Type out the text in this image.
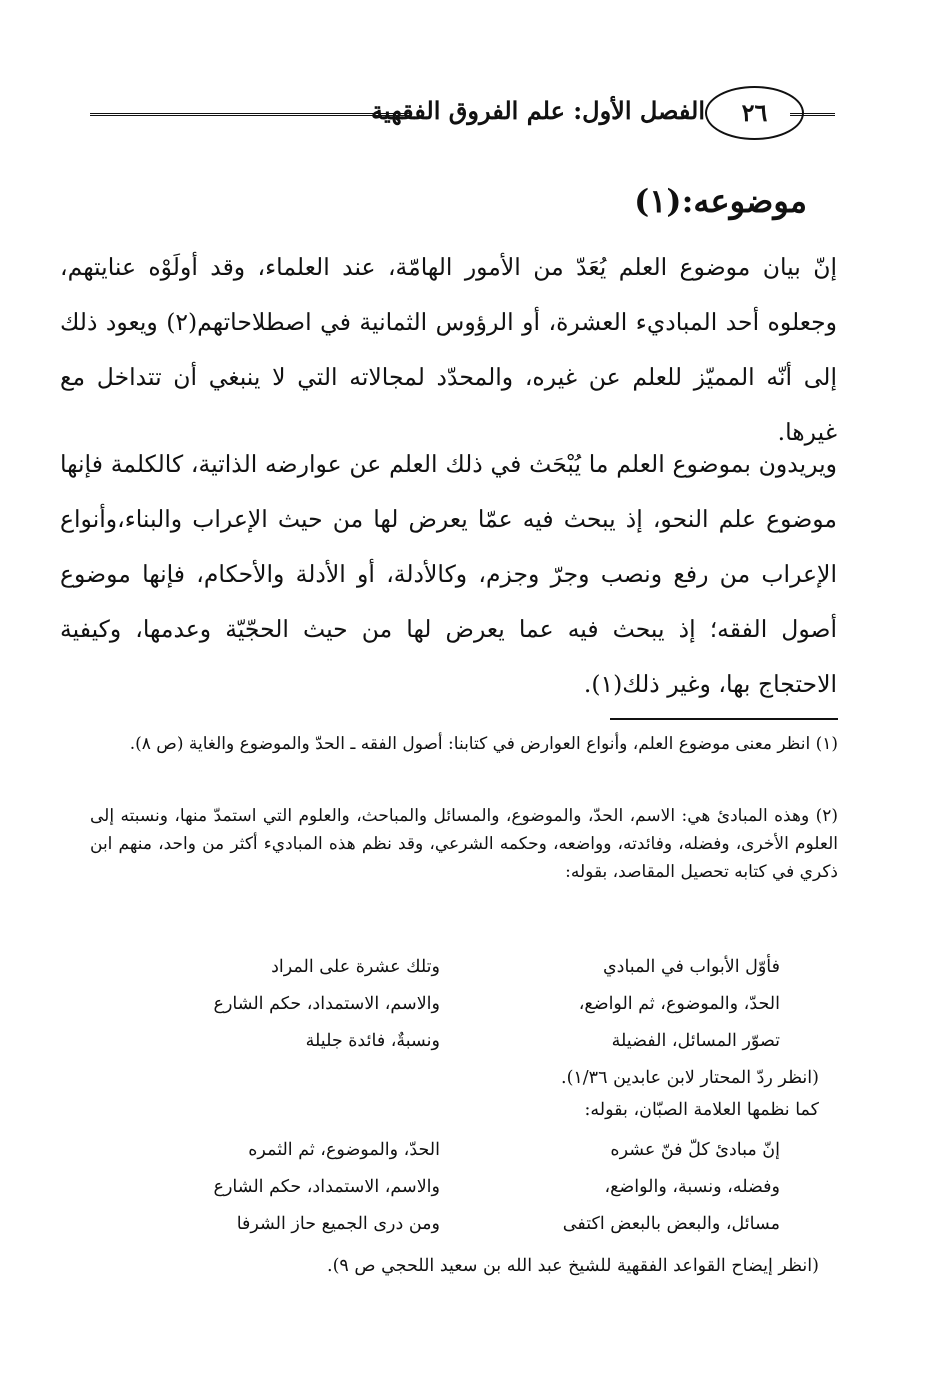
الفصل الأول: علم الفروق الفقهية	٢٦
موضوعه:(١)
إنّ بيان موضوع العلم يُعَدّ من الأمور الهامّة، عند العلماء، وقد أولَوْه عنايتهم، وجعلوه أحد المباديء العشرة، أو الرؤوس الثمانية في اصطلاحاتهم(٢) ويعود ذلك إلى أنّه المميّز للعلم عن غيره، والمحدّد لمجالاته التي لا ينبغي أن تتداخل مع غيرها.
ويريدون بموضوع العلم ما يُبْحَث في ذلك العلم عن عوارضه الذاتية، كالكلمة فإنها موضوع علم النحو، إذ يبحث فيه عمّا يعرض لها من حيث الإعراب والبناء،وأنواع الإعراب من رفع ونصب وجرّ وجزم، وكالأدلة، أو الأدلة والأحكام، فإنها موضوع أصول الفقه؛ إذ يبحث فيه عما يعرض لها من حيث الحجّيّة وعدمها، وكيفية الاحتجاج بها، وغير ذلك(١).
(١) انظر معنى موضوع العلم، وأنواع العوارض في كتابنا: أصول الفقه ـ الحدّ والموضوع والغاية (ص ٨).
(٢) وهذه المبادئ هي: الاسم، الحدّ، والموضوع، والمسائل والمباحث، والعلوم التي استمدّ منها، ونسبته إلى العلوم الأخرى، وفضله، وفائدته، وواضعه، وحكمه الشرعي، وقد نظم هذه المباديء أكثر من واحد، منهم ابن ذكري في كتابه تحصيل المقاصد، بقوله:
فأوّل الأبواب في المبادي
وتلك عشرة على المراد
الحدّ، والموضوع، ثم الواضع،
والاسم، الاستمداد، حكم الشارع
تصوّر المسائل، الفضيلة
ونسبةٌ، فائدة جليلة
(انظر ردّ المحتار لابن عابدين ١/٣٦).
كما نظمها العلامة الصبّان، بقوله:
إنّ مبادئ كلّ فنّ عشره
الحدّ، والموضوع، ثم الثمره
وفضله، ونسبة، والواضع،
والاسم، الاستمداد، حكم الشارع
مسائل، والبعض بالبعض اكتفى
ومن درى الجميع حاز الشرفا
(انظر إيضاح القواعد الفقهية للشيخ عبد الله بن سعيد اللحجي ص ٩).
